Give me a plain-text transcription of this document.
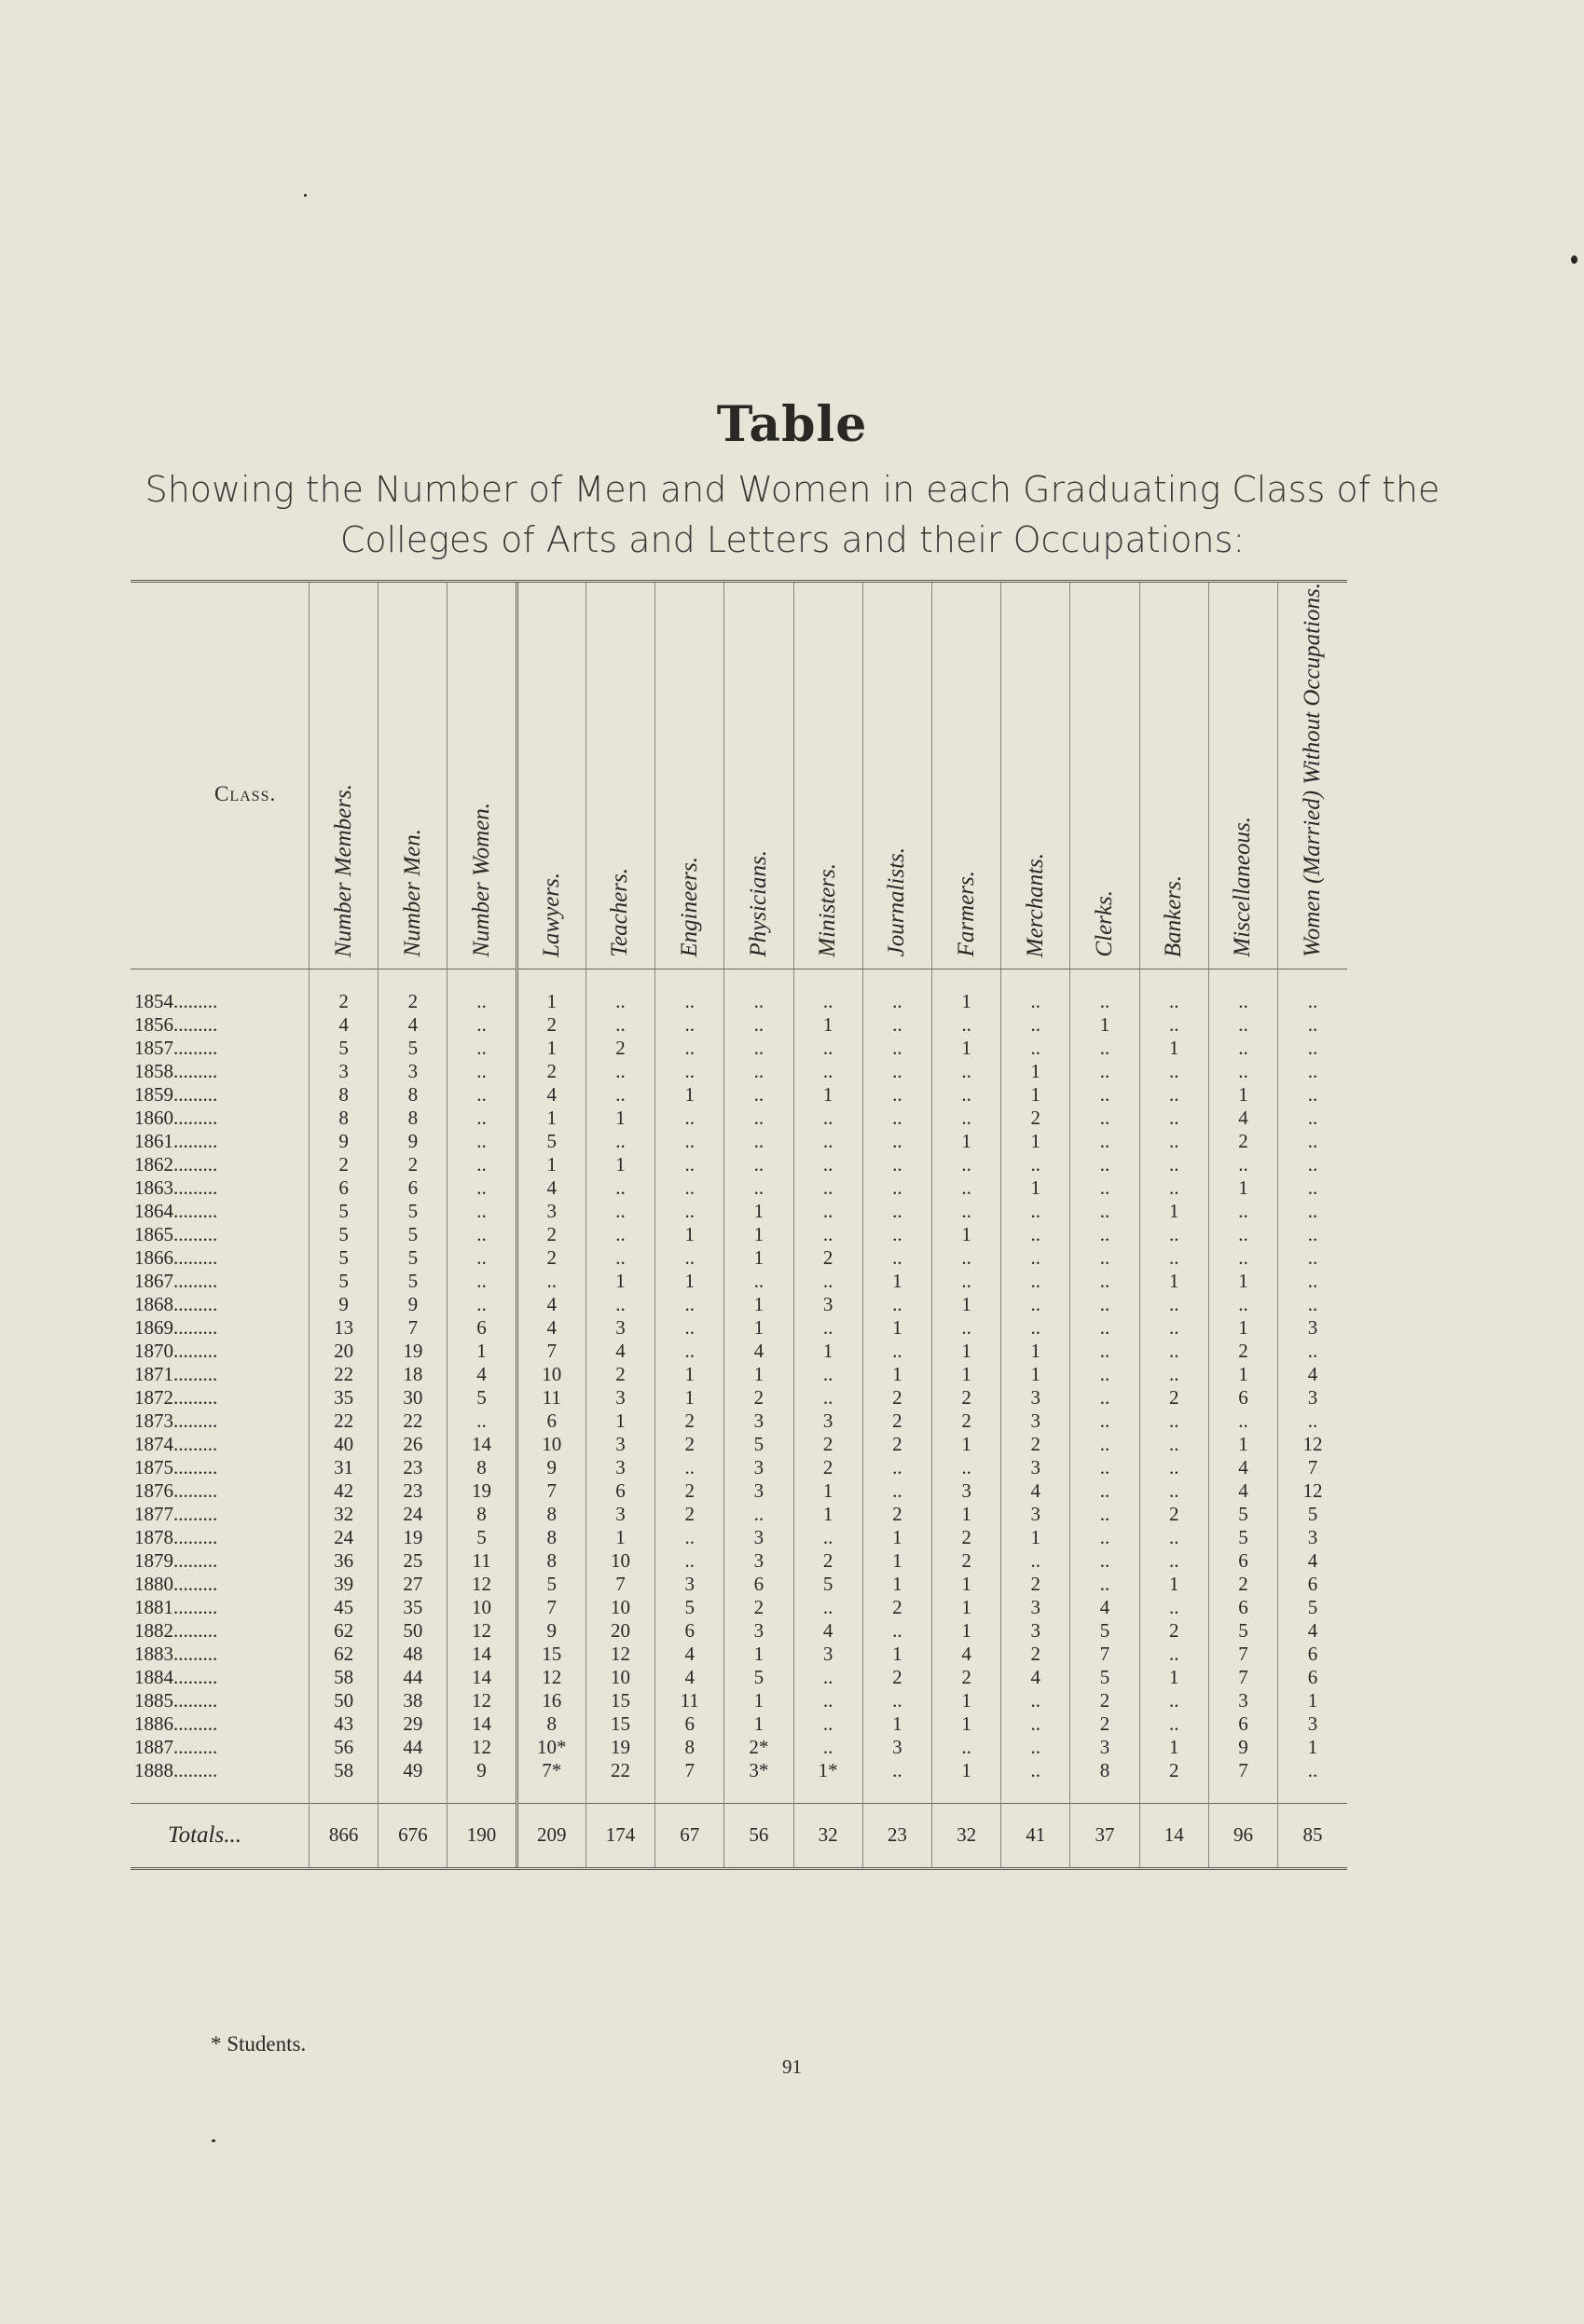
Table
Showing the Number of Men and Women in each Graduating Class of the
Colleges of Arts and Letters and their Occupations:
Class.	Number Members.	Number Men.	Number Women.	Lawyers.	Teachers.	Engineers.	Physicians.	Ministers.	Journalists.	Farmers.	Merchants.	Clerks.	Bankers.	Miscellaneous.	Women (Married) Without Occupations.

1854.........	2	2	..	1	..	..	..	..	..	1	..	..	..	..	..
1856.........	4	4	..	2	..	..	..	1	..	..	..	1	..	..	..
1857.........	5	5	..	1	2	..	..	..	..	1	..	..	1	..	..
1858.........	3	3	..	2	..	..	..	..	..	..	1	..	..	..	..
1859.........	8	8	..	4	..	1	..	1	..	..	1	..	..	1	..
1860.........	8	8	..	1	1	..	..	..	..	..	2	..	..	4	..
1861.........	9	9	..	5	..	..	..	..	..	1	1	..	..	2	..
1862.........	2	2	..	1	1	..	..	..	..	..	..	..	..	..	..
1863.........	6	6	..	4	..	..	..	..	..	..	1	..	..	1	..
1864.........	5	5	..	3	..	..	1	..	..	..	..	..	1	..	..
1865.........	5	5	..	2	..	1	1	..	..	1	..	..	..	..	..
1866.........	5	5	..	2	..	..	1	2	..	..	..	..	..	..	..
1867.........	5	5	..	..	1	1	..	..	1	..	..	..	1	1	..
1868.........	9	9	..	4	..	..	1	3	..	1	..	..	..	..	..
1869.........	13	7	6	4	3	..	1	..	1	..	..	..	..	1	3
1870.........	20	19	1	7	4	..	4	1	..	1	1	..	..	2	..
1871.........	22	18	4	10	2	1	1	..	1	1	1	..	..	1	4
1872.........	35	30	5	11	3	1	2	..	2	2	3	..	2	6	3
1873.........	22	22	..	6	1	2	3	3	2	2	3	..	..	..	..
1874.........	40	26	14	10	3	2	5	2	2	1	2	..	..	1	12
1875.........	31	23	8	9	3	..	3	2	..	..	3	..	..	4	7
1876.........	42	23	19	7	6	2	3	1	..	3	4	..	..	4	12
1877.........	32	24	8	8	3	2	..	1	2	1	3	..	2	5	5
1878.........	24	19	5	8	1	..	3	..	1	2	1	..	..	5	3
1879.........	36	25	11	8	10	..	3	2	1	2	..	..	..	6	4
1880.........	39	27	12	5	7	3	6	5	1	1	2	..	1	2	6
1881.........	45	35	10	7	10	5	2	..	2	1	3	4	..	6	5
1882.........	62	50	12	9	20	6	3	4	..	1	3	5	2	5	4
1883.........	62	48	14	15	12	4	1	3	1	4	2	7	..	7	6
1884.........	58	44	14	12	10	4	5	..	2	2	4	5	1	7	6
1885.........	50	38	12	16	15	11	1	..	..	1	..	2	..	3	1
1886.........	43	29	14	8	15	6	1	..	1	1	..	2	..	6	3
1887.........	56	44	12	10*	19	8	2*	..	3	..	..	3	1	9	1
1888.........	58	49	9	7*	22	7	3*	1*	..	1	..	8	2	7	..

Totals...	866	676	190	209	174	67	56	32	23	32	41	37	14	96	85
* Students.
91
